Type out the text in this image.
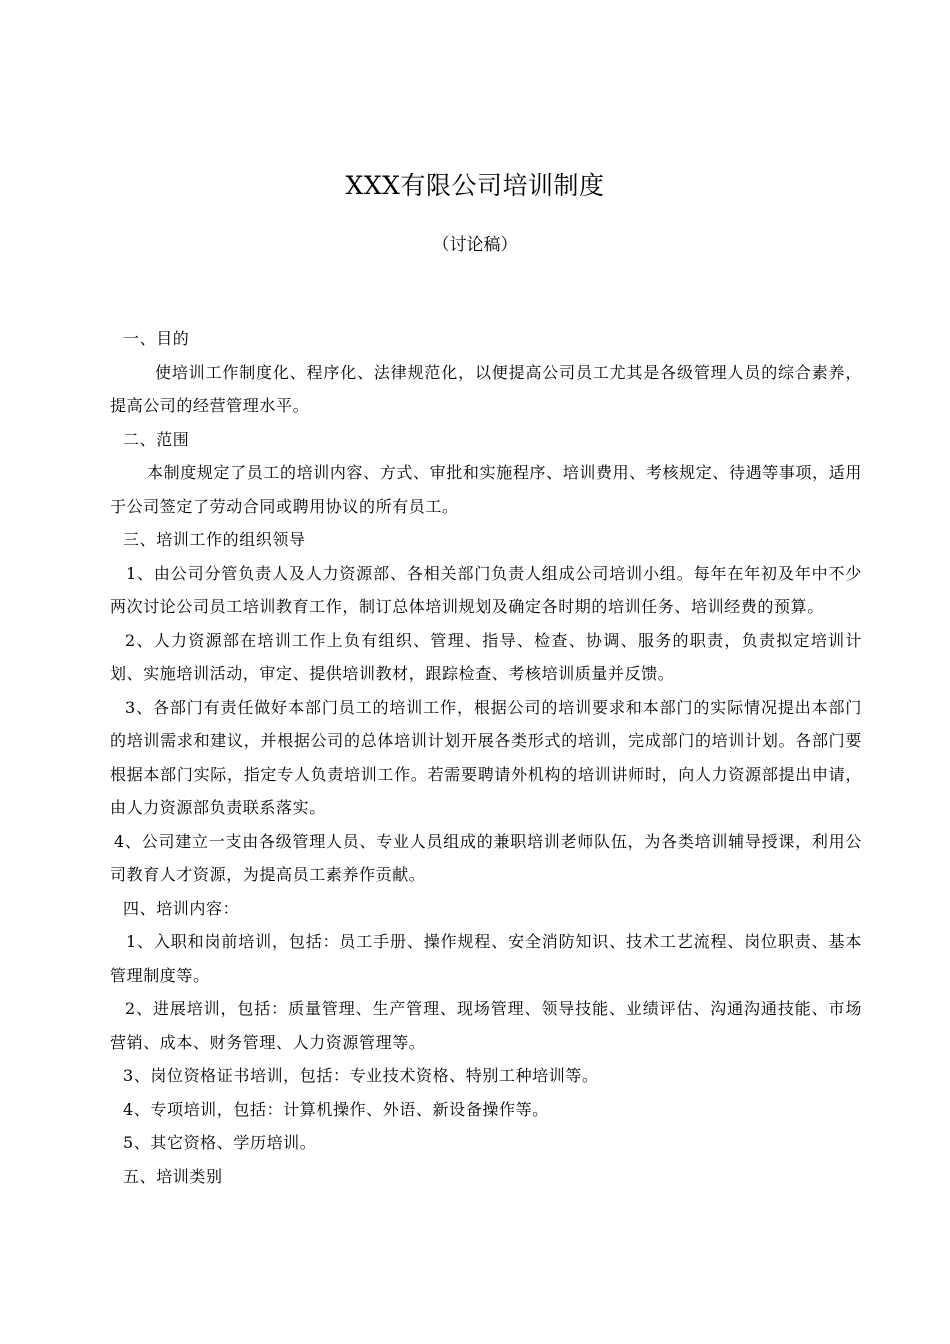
XXX有限公司培训制度
（讨论稿）

一、目的

使培训工作制度化、程序化、法律规范化，以便提高公司员工尤其是各级管理人员的综合素养，提高公司的经营管理水平。

二、范围

本制度规定了员工的培训内容、方式、审批和实施程序、培训费用、考核规定、待遇等事项，适用于公司签定了劳动合同或聘用协议的所有员工。

三、培训工作的组织领导

1、由公司分管负责人及人力资源部、各相关部门负责人组成公司培训小组。每年在年初及年中不少两次讨论公司员工培训教育工作，制订总体培训规划及确定各时期的培训任务、培训经费的预算。

2、人力资源部在培训工作上负有组织、管理、指导、检查、协调、服务的职责，负责拟定培训计划、实施培训活动，审定、提供培训教材，跟踪检查、考核培训质量并反馈。

3、各部门有责任做好本部门员工的培训工作，根据公司的培训要求和本部门的实际情况提出本部门的培训需求和建议，并根据公司的总体培训计划开展各类形式的培训，完成部门的培训计划。各部门要根据本部门实际，指定专人负责培训工作。若需要聘请外机构的培训讲师时，向人力资源部提出申请，由人力资源部负责联系落实。

4、公司建立一支由各级管理人员、专业人员组成的兼职培训老师队伍，为各类培训辅导授课，利用公司教育人才资源，为提高员工素养作贡献。

四、培训内容：

1、入职和岗前培训，包括：员工手册、操作规程、安全消防知识、技术工艺流程、岗位职责、基本管理制度等。

2、进展培训，包括：质量管理、生产管理、现场管理、领导技能、业绩评估、沟通沟通技能、市场营销、成本、财务管理、人力资源管理等。

3、岗位资格证书培训，包括：专业技术资格、特别工种培训等。

4、专项培训，包括：计算机操作、外语、新设备操作等。

5、其它资格、学历培训。

五、培训类别
